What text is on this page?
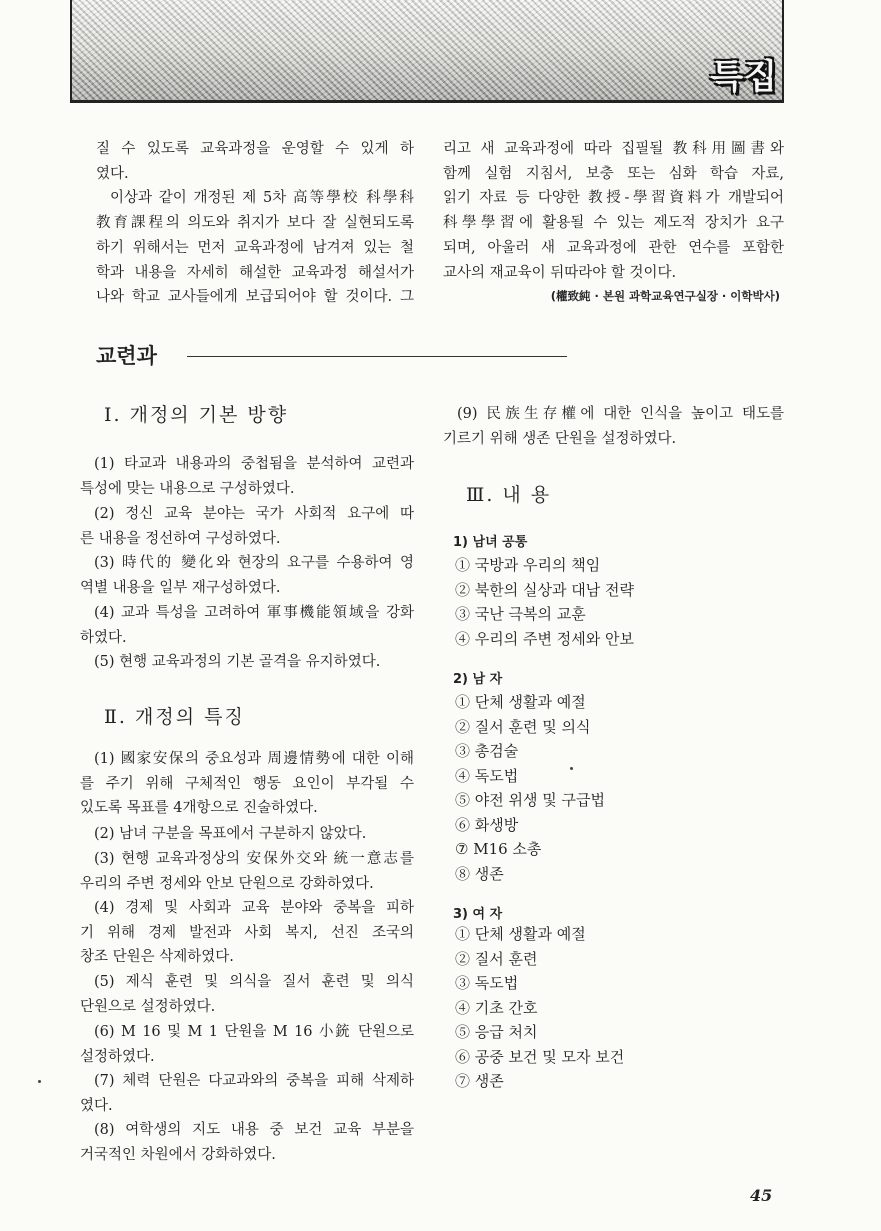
특집
질 수 있도록 교육과정을 운영할 수 있게 하
였다.
이상과 같이 개정된 제 5차 高等學校 科學科
教育課程의 의도와 취지가 보다 잘 실현되도록
하기 위해서는 먼저 교육과정에 남겨져 있는 철
학과 내용을 자세히 해설한 교육과정 해설서가
나와 학교 교사들에게 보급되어야 할 것이다. 그
리고 새 교육과정에 따라 집필될 教科用圖書와
함께 실험 지침서, 보충 또는 심화 학습 자료,
읽기 자료 등 다양한 教授-學習資料가 개발되어
科學學習에 활용될 수 있는 제도적 장치가 요구
되며, 아울러 새 교육과정에 관한 연수를 포함한
교사의 재교육이 뒤따라야 할 것이다.
(權致純 · 본원 과학교육연구실장 · 이학박사)
교련과
Ⅰ. 개정의 기본 방향
(1) 타교과 내용과의 중첩됨을 분석하여 교련과
특성에 맞는 내용으로 구성하였다.
(2) 정신 교육 분야는 국가 사회적 요구에 따
른 내용을 정선하여 구성하였다.
(3) 時代的 變化와 현장의 요구를 수용하여 영
역별 내용을 일부 재구성하였다.
(4) 교과 특성을 고려하여 軍事機能領域을 강화
하였다.
(5) 현행 교육과정의 기본 골격을 유지하였다.
Ⅱ. 개정의 특징
(1) 國家安保의 중요성과 周邊情勢에 대한 이해
를 주기 위해 구체적인 행동 요인이 부각될 수
있도록 목표를 4개항으로 진술하였다.
(2) 남녀 구분을 목표에서 구분하지 않았다.
(3) 현행 교육과정상의 安保外交와 統一意志를
우리의 주변 정세와 안보 단원으로 강화하였다.
(4) 경제 및 사회과 교육 분야와 중복을 피하
기 위해 경제 발전과 사회 복지, 선진 조국의
창조 단원은 삭제하였다.
(5) 제식 훈련 및 의식을 질서 훈련 및 의식
단원으로 설정하였다.
(6) M 16 및 M 1 단원을 M 16 小銃 단원으로
설정하였다.
(7) 체력 단원은 다교과와의 중복을 피해 삭제하
였다.
(8) 여학생의 지도 내용 중 보건 교육 부분을
거국적인 차원에서 강화하였다.
(9) 民族生存權에 대한 인식을 높이고 태도를
기르기 위해 생존 단원을 설정하였다.
Ⅲ. 내 용
1) 남녀 공통
① 국방과 우리의 책임
② 북한의 실상과 대남 전략
③ 국난 극복의 교훈
④ 우리의 주변 정세와 안보
2) 남 자
① 단체 생활과 예절
② 질서 훈련 및 의식
③ 총검술
④ 독도법
⑤ 야전 위생 및 구급법
⑥ 화생방
⑦ M16 소총
⑧ 생존
3) 여 자
① 단체 생활과 예절
② 질서 훈련
③ 독도법
④ 기초 간호
⑤ 응급 처치
⑥ 공중 보건 및 모자 보건
⑦ 생존
45
